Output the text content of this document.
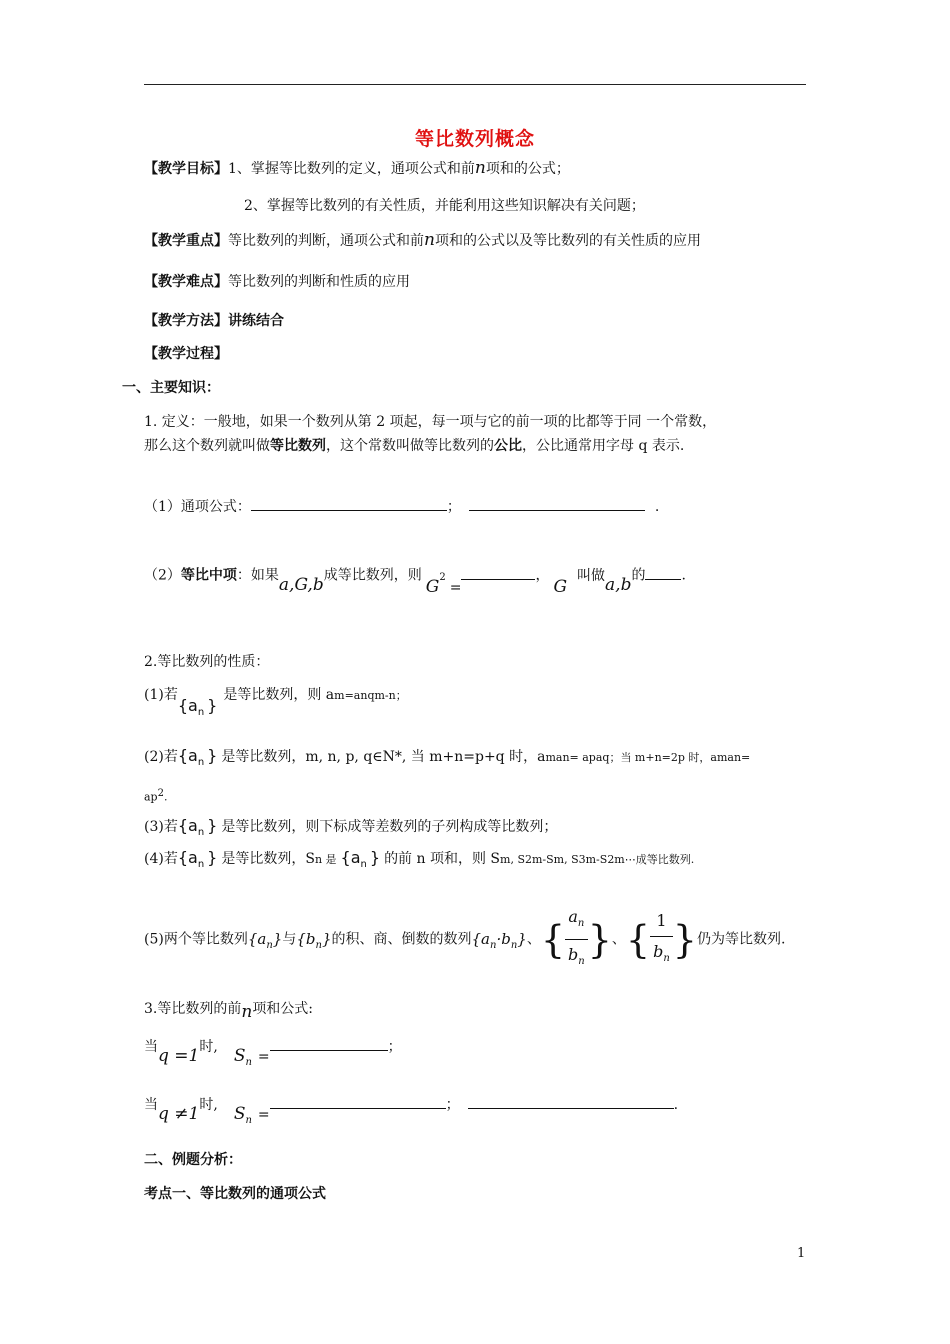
等比数列概念
【教学目标】1、掌握等比数列的定义，通项公式和前n项和的公式；
2、掌握等比数列的有关性质，并能利用这些知识解决有关问题；
【教学重点】等比数列的判断，通项公式和前n项和的公式以及等比数列的有关性质的应用
【教学难点】等比数列的判断和性质的应用
【教学方法】讲练结合
【教学过程】
一、主要知识：
1. 定义：一般地，如果一个数列从第 2 项起，每一项与它的前一项的比都等于同 一个常数，
那么这个数列就叫做等比数列，这个常数叫做等比数列的公比，公比通常用字母 q 表示.
（1）通项公式：	；	.
（2）等比中项：如果a,G,b成等比数列，则$G^2=$，G叫做a,b的	.
2.等比数列的性质：
(1)若{$a_n$ }是等比数列，则 am=anqm-n；
(2)若{$a_n$ } 是等比数列，m, n, p, q∈N*, 当 m+n=p+q 时，aman= apaq；当 m+n=2p 时，aman=
$ap^2$.
(3)若{$a_n$ } 是等比数列，则下标成等差数列的子列构成等比数列；
(4)若{$a_n$ } 是等比数列，Sn 是 {$a_n$ } 的前 n 项和，则 Sm, S2m-Sm, S3m-S2m⋯成等比数列.
(5)两个等比数列$\{a_n\}$与$\{b_n\}$的积、商、倒数的数列$\{a_n\cdot b_n\}$、{ $\frac{a_n}{b_n}$ }、{ $\frac{1}{b_n}$ }仍为等比数列.
3.等比数列的前n项和公式:
当q =1时, $S_n$ =；
当q ≠1时, $S_n$ =；	.
二、例题分析：
考点一、等比数列的通项公式
1
